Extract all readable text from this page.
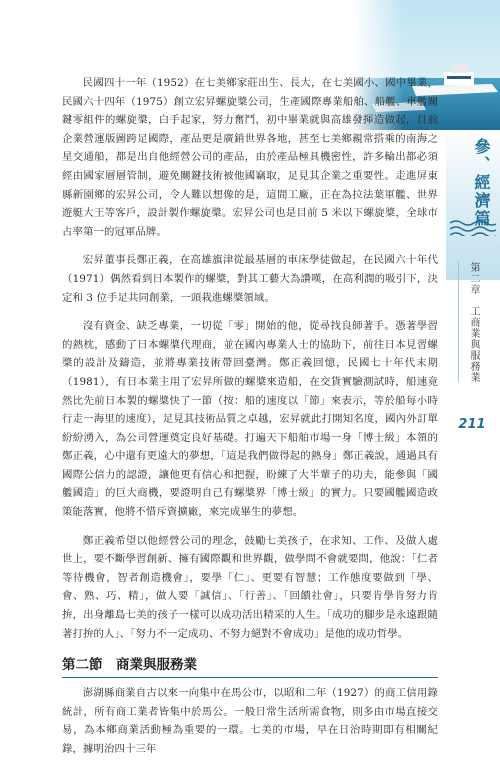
參、經濟篇
第二章　工商業與服務業
211

民國四十一年（1952）在七美鄉家莊出生、長大，在七美國小、國中畢業，民國六十四年（1975）創立宏昇螺旋槳公司，生產國際專業船舶、船艦、車艦關鍵零組件的螺旋槳，白手起家，努力奮鬥，初中畢業就與高雄發揮造做起，目前企業營運版圖跨足國際，產品更是廣銷世界各地，甚至七美鄉親常搭乘的南海之星交通船，都是出自他經營公司的產品，由於產品極具機密性，許多輪出都必須經由國家層層管制，避免關鍵技術被他國竊取，足見其企業之重要性。走進屏東縣新園鄉的宏昇公司，令人難以想像的是，這間工廠，正在為拉法葉軍艦、世界遊艇大王等客戶，設計製作螺旋槳。宏昇公司也是目前 5 米以下螺旋槳，全球市占率第一的冠軍品牌。

宏昇董事長鄭正義，在高雄旗津從最基層的車床學徒做起，在民國六十年代（1971）偶然看到日本製作的螺槳，對其工藝大為讚嘆，在高利潤的吸引下，決定和 3 位手足共同創業，一頭栽進螺槳領域。

沒有資金、缺乏專業，一切從「零」開始的他，從尋找良師著手。憑著學習的熱枕，感動了日本螺槳代理商，並在國內專業人士的協助下，前往日本見習螺槳的設計及鑄造，並將專業技術帶回臺灣。鄭正義回憶，民國七十年代末期（1981），有日本業主用了宏昇所做的螺槳來造船，在交貨實驗測試時，船速竟然比先前日本製的螺槳快了一節（按：船的速度以「節」來表示，等於船每小時行走一海里的速度），足見其技術品質之卓越，宏昇就此打開知名度，國內外訂單紛紛湧入，為公司營運奠定良好基礎。打遍天下船舶市場一身「博士級」本領的鄭正義，心中還有更遠大的夢想，「這是我們做得起的熱身」鄭正義說，通過具有國際公信力的認證，讓他更有信心和把握，盼練了大半輩子的功夫，能參與「國艦國造」的巨大商機，要證明自己有螺槳界「博士級」的實力。只要國艦國造政策能落實，他將不惜斥資擴廠，來完成畢生的夢想。

鄭正義希望以他經營公司的理念，鼓勵七美孩子，在求知、工作、及做人處世上，要不斷學習創新、擁有國際觀和世界觀，做學問不會就要問，他說：「仁者等待機會，智者創造機會」，要學「仁」、更要有智慧；工作態度要做到「學、會、熟、巧、精」，做人要「誠信」、「行善」、「回饋社會」，只要肯學肯努力肯拚，出身離島七美的孩子一樣可以成功活出精采的人生。「成功的腳步是永遠跟隨著打拚的人」、「努力不一定成功、不努力絕對不會成功」是他的成功哲學。

第二節　商業與服務業

澎湖縣商業自古以來一向集中在馬公市，以昭和二年（1927）的商工信用錄統計，所有商工業者皆集中於馬公。一般日常生活所需食物，則多由市場直接交易，為本鄉商業活動極為重要的一環。七美的市場，早在日治時期即有相關紀錄，據明治四十三年
